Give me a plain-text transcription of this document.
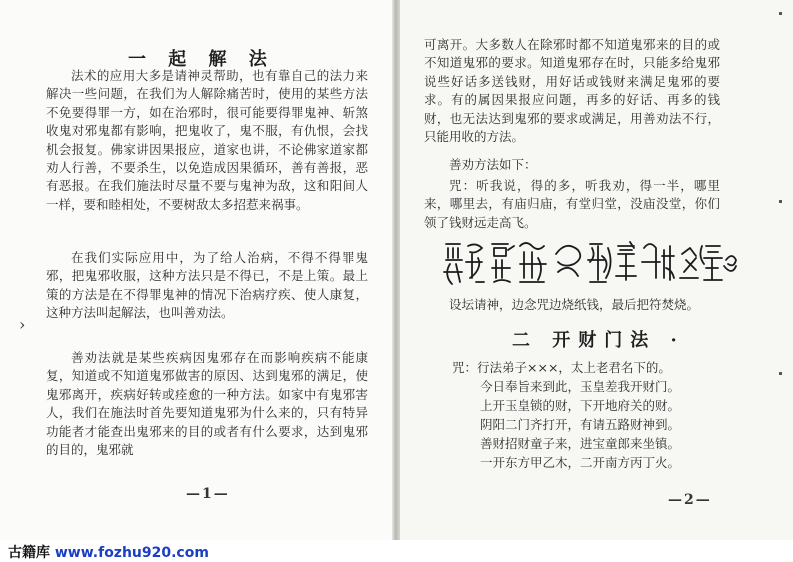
一 起 解 法

法术的应用大多是请神灵帮助，也有靠自己的法力来解决一些问题，在我们为人解除痛苦时，使用的某些方法不免要得罪一方，如在治邪时，很可能要得罪鬼神、斩煞收鬼对邪鬼都有影响，把鬼收了，鬼不服，有仇恨，会找机会报复。佛家讲因果报应，道家也讲，不论佛家道家都劝人行善，不要杀生，以免造成因果循环，善有善报，恶有恶报。在我们施法时尽量不要与鬼神为敌，这和阳间人一样，要和睦相处，不要树敌太多招惹来祸事。

在我们实际应用中，为了给人治病，不得不得罪鬼邪，把鬼邪收服，这种方法只是不得已，不是上策。最上策的方法是在不得罪鬼神的情况下治病疗疾、使人康复，这种方法叫起解法，也叫善劝法。

善劝法就是某些疾病因鬼邪存在而影响疾病不能康复，知道或不知道鬼邪做害的原因、达到鬼邪的满足，使鬼邪离开，疾病好转或痊愈的一种方法。如家中有鬼邪害人，我们在施法时首先要知道鬼邪为什么来的，只有特异功能者才能查出鬼邪来的目的或者有什么要求，达到鬼邪的目的，鬼邪就

›
—1—

可离开。大多数人在除邪时都不知道鬼邪来的目的或不知道鬼邪的要求。知道鬼邪存在时，只能多给鬼邪说些好话多送钱财，用好话或钱财来满足鬼邪的要求。有的属因果报应问题，再多的好话、再多的钱财，也无法达到鬼邪的要求或满足，用善劝法不行，只能用收的方法。

善劝方法如下：

咒：听我说，得的多，听我劝，得一半，哪里来，哪里去，有庙归庙，有堂归堂，没庙没堂，你们领了钱财远走高飞。

设坛请神，边念咒边烧纸钱，最后把符焚烧。

二 开财门法 ·
咒：行法弟子×××，太上老君名下的。
今日奉旨来到此，玉皇差我开财门。
上开玉皇锁的财，下开地府关的财。
阴阳二门齐打开，有请五路财神到。
善财招财童子来，进宝童郎来坐镇。
一开东方甲乙木，二开南方丙丁火。
—2—
古籍库 www.fozhu920.com
